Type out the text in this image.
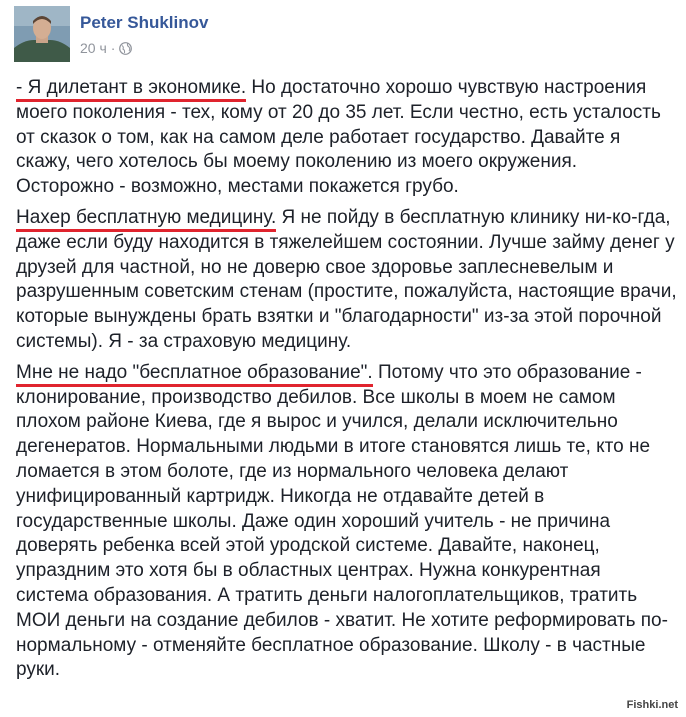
Peter Shuklinov
20 ч ·

- Я дилетант в экономике. Но достаточно хорошо чувствую настроения моего поколения - тех, кому от 20 до 35 лет. Если честно, есть усталость от сказок о том, как на самом деле работает государство. Давайте я скажу, чего хотелось бы моему поколению из моего окружения. Осторожно - возможно, местами покажется грубо.

Нахер бесплатную медицину. Я не пойду в бесплатную клинику ни-ко-гда, даже если буду находится в тяжелейшем состоянии. Лучше займу денег у друзей для частной, но не доверю свое здоровье заплесневелым и разрушенным советским стенам (простите, пожалуйста, настоящие врачи, которые вынуждены брать взятки и "благодарности" из-за этой порочной системы). Я - за страховую медицину.

Мне не надо "бесплатное образование". Потому что это образование - клонирование, производство дебилов. Все школы в моем не самом плохом районе Киева, где я вырос и учился, делали исключительно дегенератов. Нормальными людьми в итоге становятся лишь те, кто не ломается в этом болоте, где из нормального человека делают унифицированный картридж. Никогда не отдавайте детей в государственные школы. Даже один хороший учитель - не причина доверять ребенка всей этой уродской системе. Давайте, наконец, упраздним это хотя бы в областных центрах. Нужна конкурентная система образования. А тратить деньги налогоплательщиков, тратить МОИ деньги на создание дебилов - хватит. Не хотите реформировать по-нормальному - отменяйте бесплатное образование. Школу - в частные руки.

Fishki.net
